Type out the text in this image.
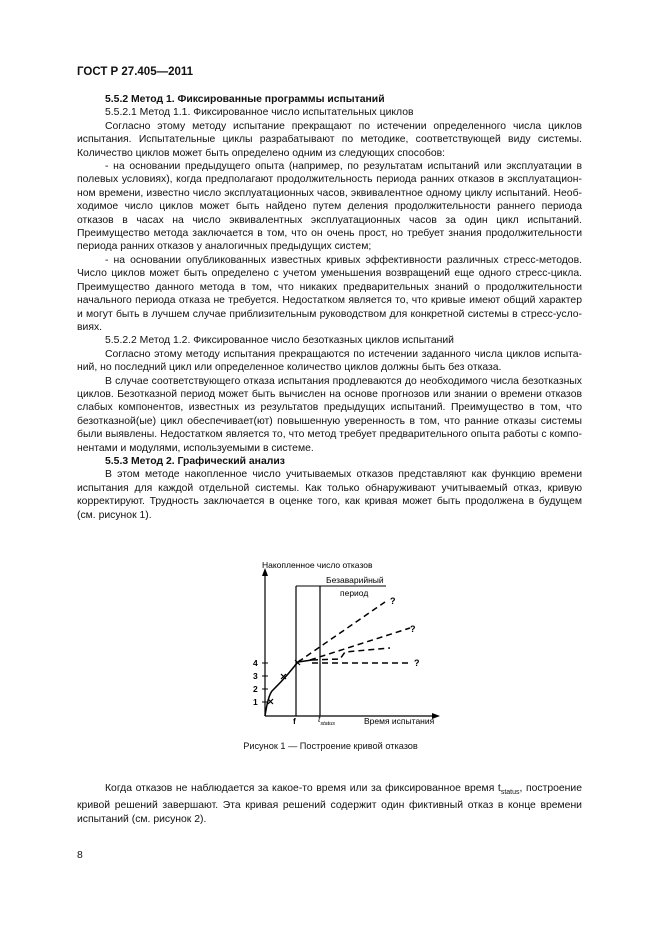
ГОСТ Р 27.405—2011

5.5.2 Метод 1. Фиксированные программы испытаний

5.5.2.1 Метод 1.1. Фиксированное число испытательных циклов

Согласно этому методу испытание прекращают по истечении определенного числа циклов испытания. Испытательные циклы разрабатывают по методике, соответствующей виду системы. Количество циклов может быть определено одним из следующих способов:

- на основании предыдущего опыта (например, по результатам испытаний или эксплуатации в полевых условиях), когда предполагают продолжительность периода ранних отказов в эксплуатационном времени, известно число эксплуатационных часов, эквивалентное одному циклу испытаний. Необходимое число циклов может быть найдено путем деления продолжительности раннего периода отказов в часах на число эквивалентных эксплуатационных часов за один цикл испытаний. Преимущество метода заключается в том, что он очень прост, но требует знания продолжительности периода ранних отказов у аналогичных предыдущих систем;

- на основании опубликованных известных кривых эффективности различных стресс-методов. Число циклов может быть определено с учетом уменьшения возвращений еще одного стресс-цикла. Преимущество данного метода в том, что никаких предварительных знаний о продолжительности начального периода отказа не требуется. Недостатком является то, что кривые имеют общий характер и могут быть в лучшем случае приблизительным руководством для конкретной системы в стресс-условиях.

5.5.2.2 Метод 1.2. Фиксированное число безотказных циклов испытаний

Согласно этому методу испытания прекращаются по истечении заданного числа циклов испытаний, но последний цикл или определенное количество циклов должны быть без отказа.

В случае соответствующего отказа испытания продлеваются до необходимого числа безотказных циклов. Безотказной период может быть вычислен на основе прогнозов или знании о времени отказов слабых компонентов, известных из результатов предыдущих испытаний. Преимущество в том, что безотказной(ые) цикл обеспечивает(ют) повышенную уверенность в том, что ранние отказы системы были выявлены. Недостатком является то, что метод требует предварительного опыта работы с компонентами и модулями, используемыми в системе.

5.5.3 Метод 2. Графический анализ

В этом методе накопленное число учитываемых отказов представляют как функцию времени испытания для каждой отдельной системы. Как только обнаруживают учитываемый отказ, кривую корректируют. Трудность заключается в оценке того, как кривая может быть продолжена в будущем (см. рисунок 1).

Накопленное число отказов
Время испытания
Безаварийный
период
1
2
3
4
f	$t_{status}$
?
?
?
Рисунок 1 — Построение кривой отказов

Когда отказов не наблюдается за какое-то время или за фиксированное время $t_{status}$, построение кривой решений завершают. Эта кривая решений содержит один фиктивный отказ в конце времени испытаний (см. рисунок 2).

8
